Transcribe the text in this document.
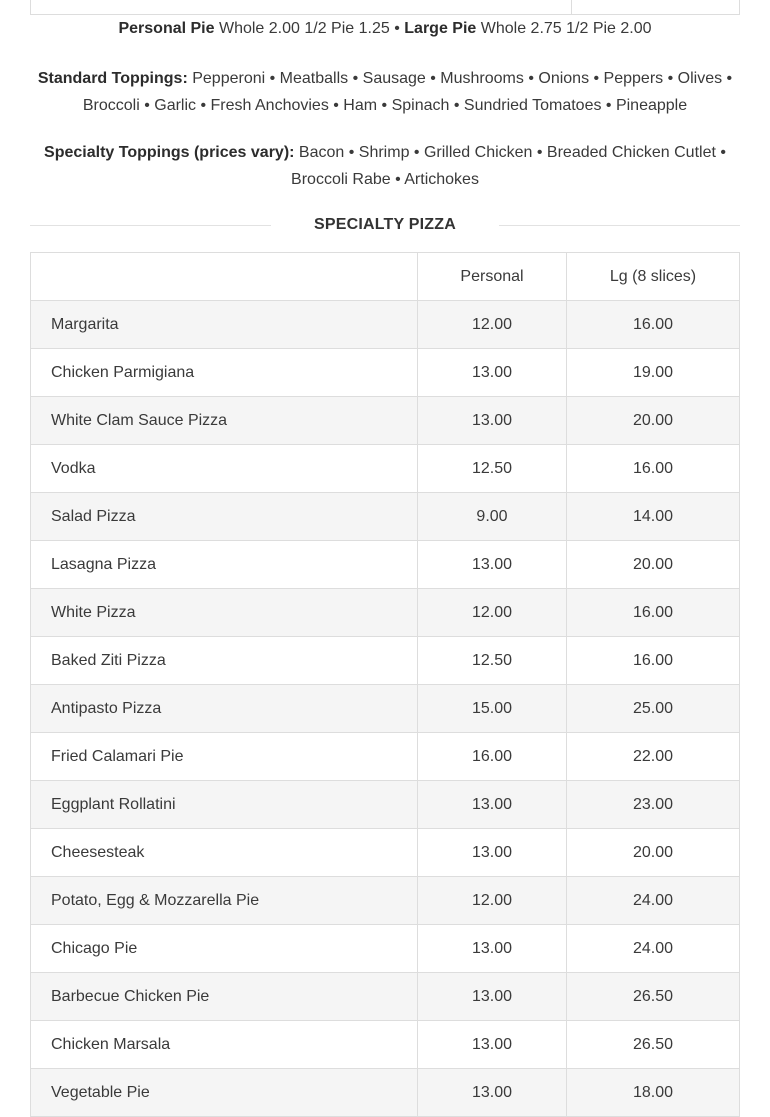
Personal Pie Whole 2.00 1/2 Pie 1.25 • Large Pie Whole 2.75 1/2 Pie 2.00

Standard Toppings: Pepperoni • Meatballs • Sausage • Mushrooms • Onions • Peppers • Olives • Broccoli • Garlic • Fresh Anchovies • Ham • Spinach • Sundried Tomatoes • Pineapple

Specialty Toppings (prices vary): Bacon • Shrimp • Grilled Chicken • Breaded Chicken Cutlet • Broccoli Rabe • Artichokes

SPECIALTY PIZZA
	Personal	Lg (8 slices)
Margarita	12.00	16.00
Chicken Parmigiana	13.00	19.00
White Clam Sauce Pizza	13.00	20.00
Vodka	12.50	16.00
Salad Pizza	9.00	14.00
Lasagna Pizza	13.00	20.00
White Pizza	12.00	16.00
Baked Ziti Pizza	12.50	16.00
Antipasto Pizza	15.00	25.00
Fried Calamari Pie	16.00	22.00
Eggplant Rollatini	13.00	23.00
Cheesesteak	13.00	20.00
Potato, Egg & Mozzarella Pie	12.00	24.00
Chicago Pie	13.00	24.00
Barbecue Chicken Pie	13.00	26.50
Chicken Marsala	13.00	26.50
Vegetable Pie	13.00	18.00
